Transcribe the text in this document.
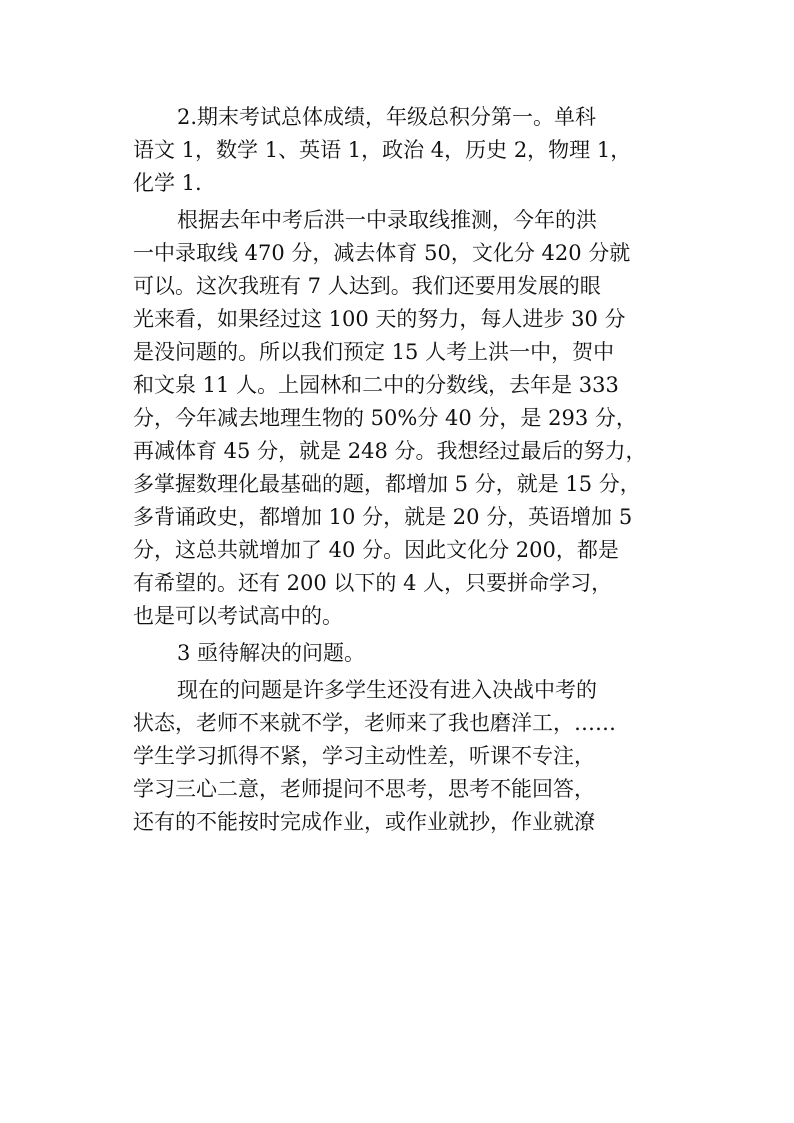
2.期末考试总体成绩，年级总积分第一。单科
语文 1，数学 1、英语 1，政治 4，历史 2，物理 1，
化学 1.
根据去年中考后洪一中录取线推测，今年的洪
一中录取线 470 分，减去体育 50，文化分 420 分就
可以。这次我班有 7 人达到。我们还要用发展的眼
光来看，如果经过这 100 天的努力，每人进步 30 分
是没问题的。所以我们预定 15 人考上洪一中，贺中
和文泉 11 人。上园林和二中的分数线，去年是 333
分，今年减去地理生物的 50%分 40 分，是 293 分，
再减体育 45 分，就是 248 分。我想经过最后的努力，
多掌握数理化最基础的题，都增加 5 分，就是 15 分，
多背诵政史，都增加 10 分，就是 20 分，英语增加 5
分，这总共就增加了 40 分。因此文化分 200，都是
有希望的。还有 200 以下的 4 人，只要拼命学习，
也是可以考试高中的。
3 亟待解决的问题。
现在的问题是许多学生还没有进入决战中考的
状态，老师不来就不学，老师来了我也磨洋工，……
学生学习抓得不紧，学习主动性差，听课不专注，
学习三心二意，老师提问不思考，思考不能回答，
还有的不能按时完成作业，或作业就抄，作业就潦
